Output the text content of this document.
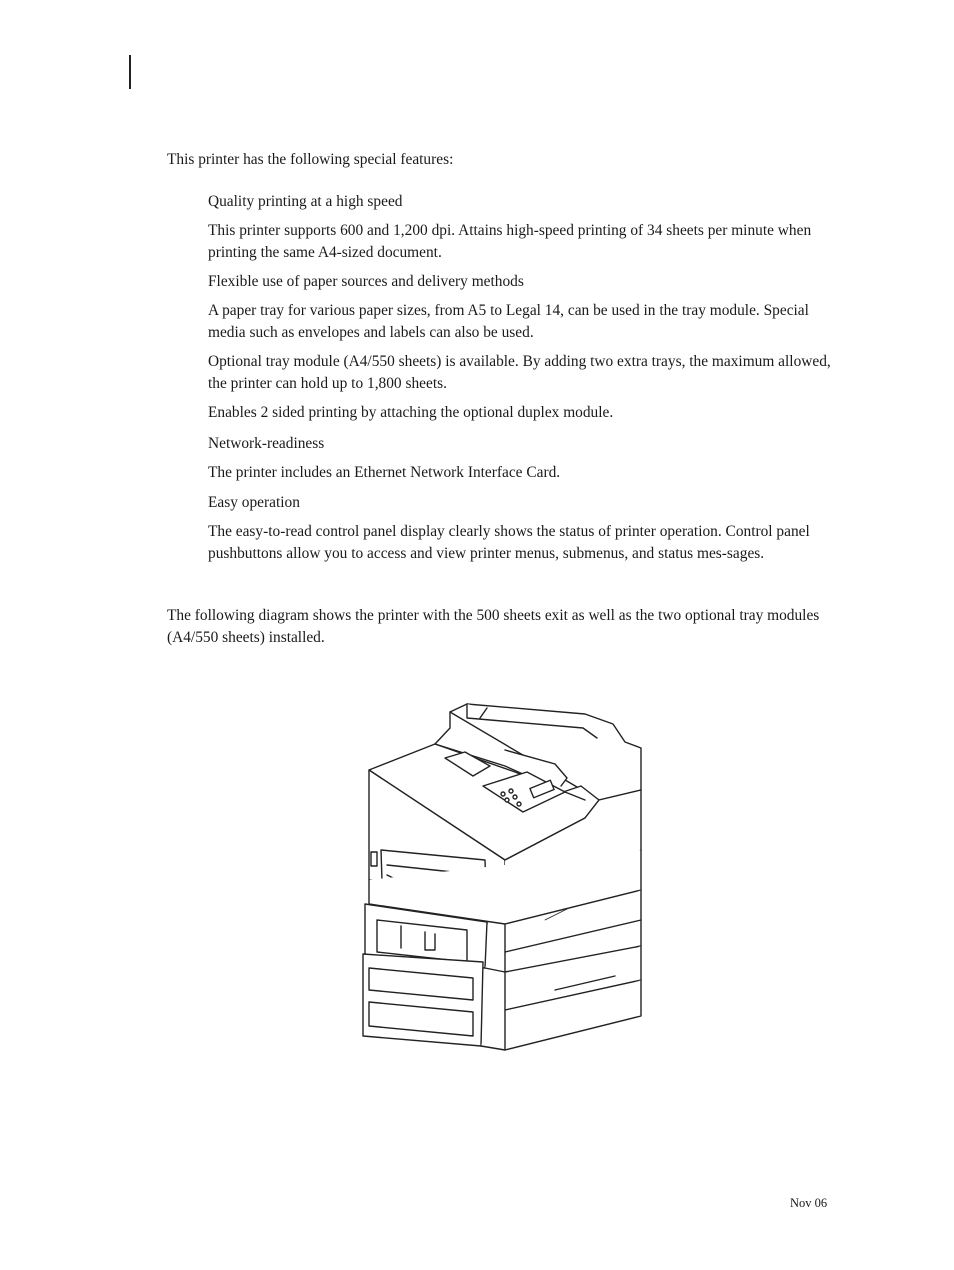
This printer has the following special features:

Quality printing at a high speed

This printer supports 600 and 1,200 dpi. Attains high-speed printing of 34 sheets per minute when printing the same A4-sized document.

Flexible use of paper sources and delivery methods

A paper tray for various paper sizes, from A5 to Legal 14, can be used in the tray module. Special media such as envelopes and labels can also be used.

Optional tray module (A4/550 sheets) is available. By adding two extra trays, the maximum allowed, the printer can hold up to 1,800 sheets.

Enables 2 sided printing by attaching the optional duplex module.

Network-readiness

The printer includes an Ethernet Network Interface Card.

Easy operation

The easy-to-read control panel display clearly shows the status of printer operation. Control panel pushbuttons allow you to access and view printer menus, submenus, and status mes-sages.

The following diagram shows the printer with the 500 sheets exit as well as the two optional tray modules (A4/550 sheets) installed.

Nov 06
